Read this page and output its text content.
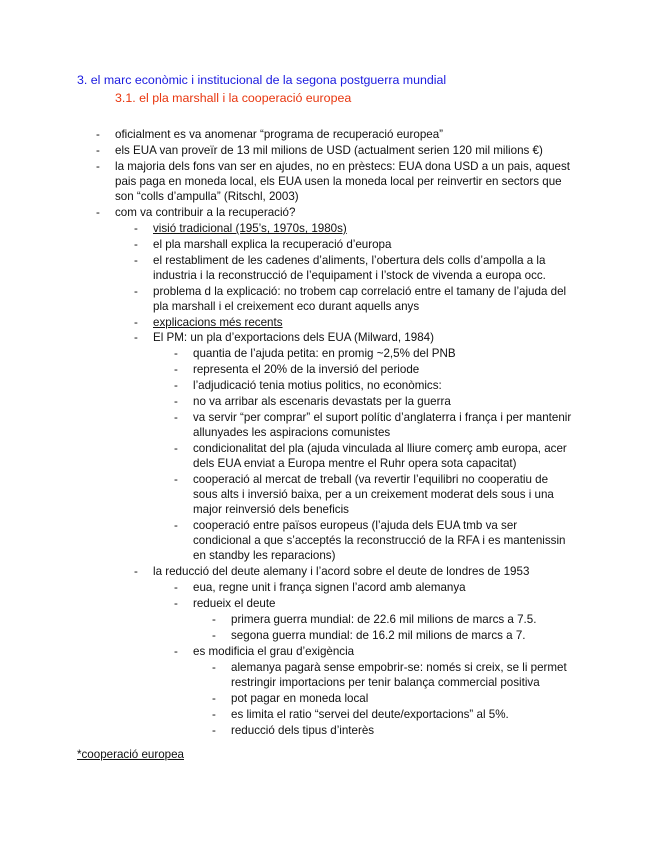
3. el marc econòmic i institucional de la segona postguerra mundial
3.1. el pla marshall i la cooperació europea
- oficialment es va anomenar “programa de recuperació europea”
- els EUA van proveïr de 13 mil milions de USD (actualment serien 120 mil milions €)
- la majoria dels fons van ser en ajudes, no en prèstecs: EUA dona USD a un pais, aquest
pais paga en moneda local, els EUA usen la moneda local per reinvertir en sectors que
son “colls d’ampulla” (Ritschl, 2003)
- com va contribuir a la recuperació?
- visió tradicional (195’s, 1970s, 1980s)
- el pla marshall explica la recuperació d’europa
- el restabliment de les cadenes d’aliments, l’obertura dels colls d’ampolla a la
industria i la reconstrucció de l’equipament i l’stock de vivenda a europa occ.
- problema d la explicació: no trobem cap correlació entre el tamany de l’ajuda del
pla marshall i el creixement eco durant aquells anys
- explicacions més recents
- El PM: un pla d’exportacions dels EUA (Milward, 1984)
- quantia de l’ajuda petita: en promig ~2,5% del PNB
- representa el 20% de la inversió del periode
- l’adjudicació tenia motius politics, no econòmics:
- no va arribar als escenaris devastats per la guerra
- va servir “per comprar” el suport polític d’anglaterra i frança i per mantenir
allunyades les aspiracions comunistes
- condicionalitat del pla (ajuda vinculada al lliure comerç amb europa, acer
dels EUA enviat a Europa mentre el Ruhr opera sota capacitat)
- cooperació al mercat de treball (va revertir l’equilibri no cooperatiu de
sous alts i inversió baixa, per a un creixement moderat dels sous i una
major reinversió dels beneficis
- cooperació entre països europeus (l’ajuda dels EUA tmb va ser
condicional a que s’acceptés la reconstrucció de la RFA i es mantenissin
en standby les reparacions)
- la reducció del deute alemany i l’acord sobre el deute de londres de 1953
- eua, regne unit i frança signen l’acord amb alemanya
- redueix el deute
- primera guerra mundial: de 22.6 mil milions de marcs a 7.5.
- segona guerra mundial: de 16.2 mil milions de marcs a 7.
- es modificia el grau d’exigència
- alemanya pagarà sense empobrir-se: només si creix, se li permet
restringir importacions per tenir balança commercial positiva
- pot pagar en moneda local
- es limita el ratio “servei del deute/exportacions” al 5%.
- reducció dels tipus d’interès
*cooperació europea
